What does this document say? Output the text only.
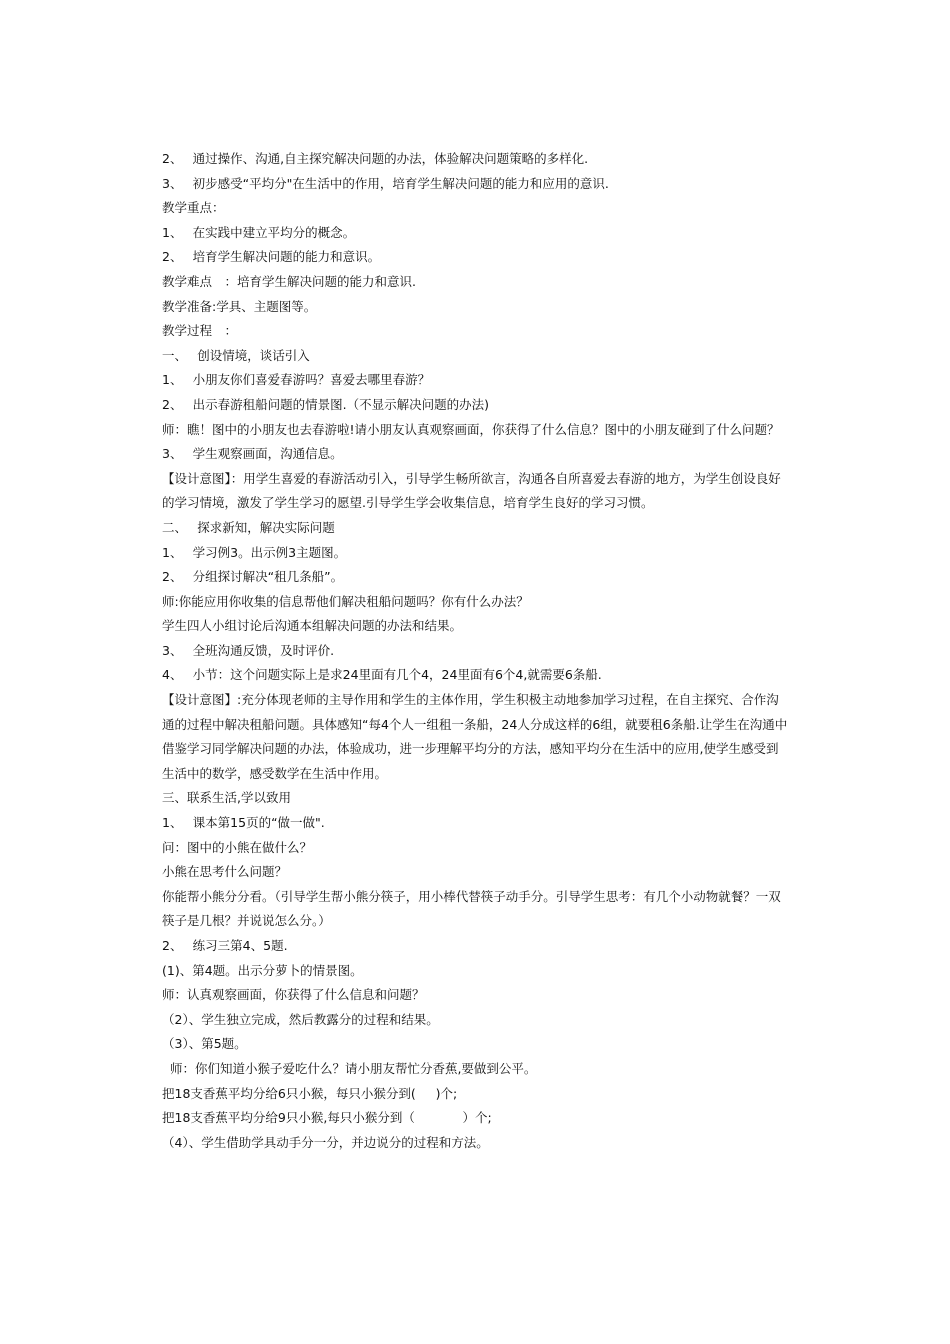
2、　 通过操作、沟通,自主探究解决问题的办法，体验解决问题策略的多样化.
3、　 初步感受“平均分"在生活中的作用，培育学生解决问题的能力和应用的意识.
教学重点：
1、　 在实践中建立平均分的概念。
2、　 培育学生解决问题的能力和意识。
教学难点　：培育学生解决问题的能力和意识.
教学准备:学具、主题图等。
教学过程　：
一、　 创设情境，谈话引入
1、　 小朋友你们喜爱春游吗？喜爱去哪里春游？
2、　 出示春游租船问题的情景图.（不显示解决问题的办法)
师：瞧！图中的小朋友也去春游啦!请小朋友认真观察画面，你获得了什么信息？图中的小朋友碰到了什么问题？
3、　 学生观察画面，沟通信息。
【设计意图】：用学生喜爱的春游活动引入，引导学生畅所欲言，沟通各自所喜爱去春游的地方，为学生创设良好的学习情境，激发了学生学习的愿望.引导学生学会收集信息，培育学生良好的学习习惯。
二、　 探求新知，解决实际问题
1、　 学习例3。出示例3主题图。
2、　 分组探讨解决“租几条船”。
师:你能应用你收集的信息帮他们解决租船问题吗？你有什么办法？
学生四人小组讨论后沟通本组解决问题的办法和结果。
3、　 全班沟通反馈，及时评价.
4、　 小节：这个问题实际上是求24里面有几个4，24里面有6个4,就需要6条船.
【设计意图】:充分体现老师的主导作用和学生的主体作用，学生积极主动地参加学习过程，在自主探究、合作沟通的过程中解决租船问题。具体感知“每4个人一组租一条船，24人分成这样的6组，就要租6条船.让学生在沟通中借鉴学习同学解决问题的办法，体验成功，进一步理解平均分的方法，感知平均分在生活中的应用,使学生感受到生活中的数学，感受数学在生活中作用。
三、联系生活,学以致用
1、　 课本第15页的“做一做".
问：图中的小熊在做什么？
小熊在思考什么问题？
你能帮小熊分分看。（引导学生帮小熊分筷子，用小棒代替筷子动手分。引导学生思考：有几个小动物就餐？一双筷子是几根？并说说怎么分。）
2、　 练习三第4、5题.
(1)、第4题。出示分萝卜的情景图。
师：认真观察画面，你获得了什么信息和问题？
（2）、学生独立完成，然后教露分的过程和结果。
（3）、第5题。
师：你们知道小猴子爱吃什么？请小朋友帮忙分香蕉,要做到公平。
把18支香蕉平均分给6只小猴，每只小猴分到(     )个;
把18支香蕉平均分给9只小猴,每只小猴分到（            ）个;
（4）、学生借助学具动手分一分，并边说分的过程和方法。
